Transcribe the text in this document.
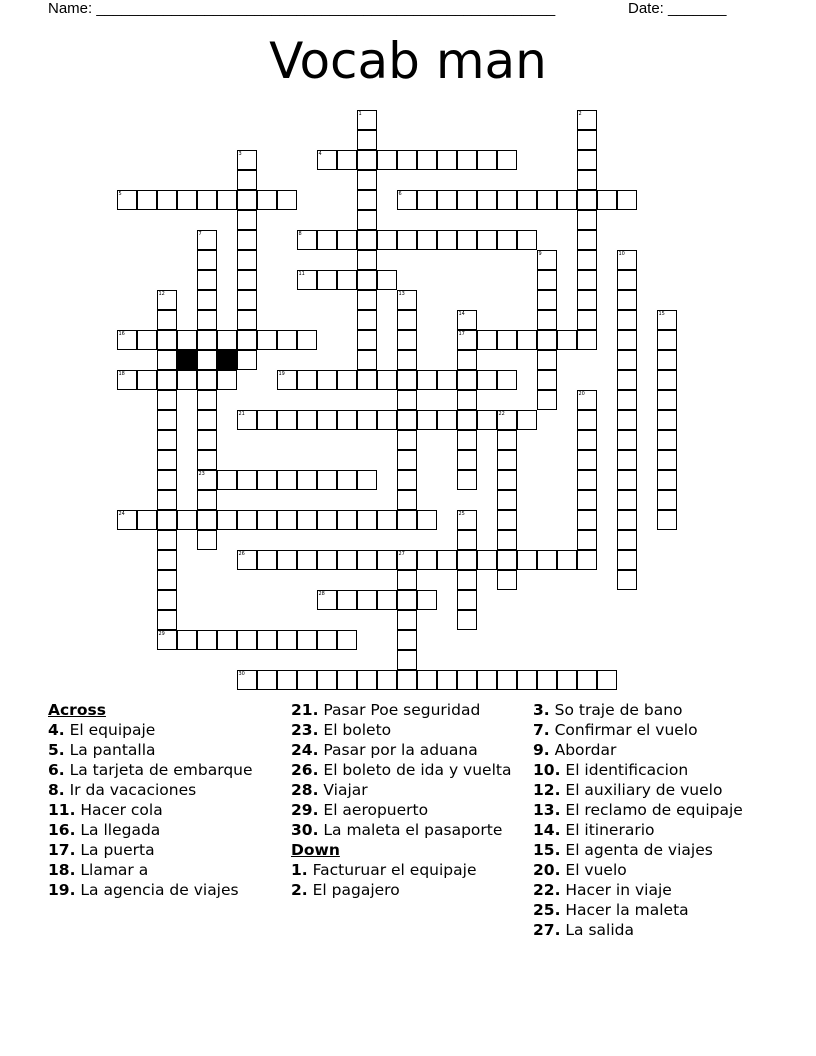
Name: _______________________________________________________	Date: _______
Vocab man
1	2
3	4
5	6
7
23
8
9	10
11
12
29
13
14
17
15
16
18	19
20
21	22
24	25
26	27
28
30
Across
4. El equipaje
5. La pantalla
6. La tarjeta de embarque
8. Ir da vacaciones
11. Hacer cola
16. La llegada
17. La puerta
18. Llamar a
19. La agencia de viajes
21. Pasar Poe seguridad
23. El boleto
24. Pasar por la aduana
26. El boleto de ida y vuelta
28. Viajar
29. El aeropuerto
30. La maleta el pasaporte
Down
1. Facturuar el equipaje
2. El pagajero
3. So traje de bano
7. Confirmar el vuelo
9. Abordar
10. El identificacion
12. El auxiliary de vuelo
13. El reclamo de equipaje
14. El itinerario
15. El agenta de viajes
20. El vuelo
22. Hacer in viaje
25. Hacer la maleta
27. La salida
